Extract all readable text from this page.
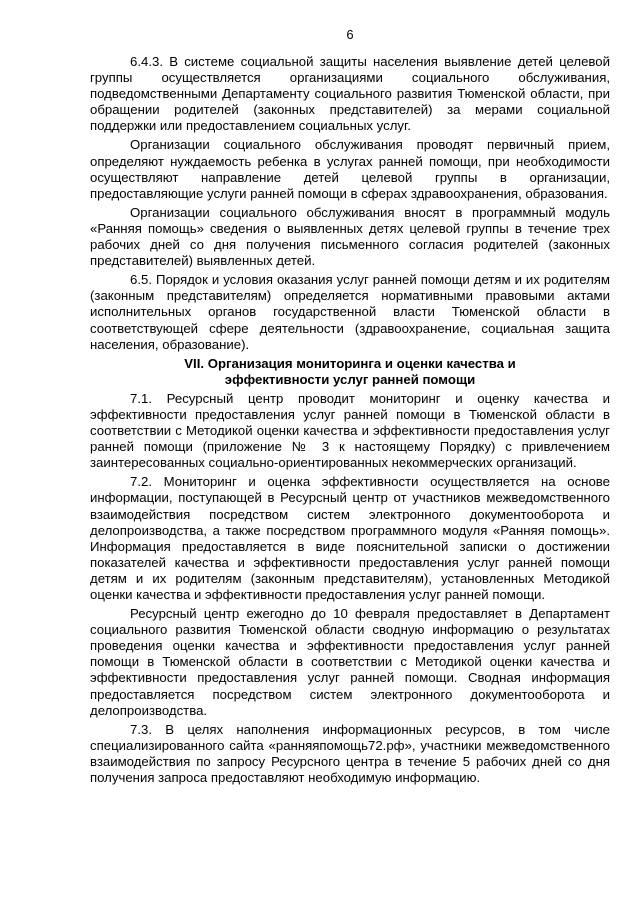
6

6.4.3. В системе социальной защиты населения выявление детей целевой группы осуществляется организациями социального обслуживания, подведомственными Департаменту социального развития Тюменской области, при обращении родителей (законных представителей) за мерами социальной поддержки или предоставлением социальных услуг.

Организации социального обслуживания проводят первичный прием, определяют нуждаемость ребенка в услугах ранней помощи, при необходимости осуществляют направление детей целевой группы в организации, предоставляющие услуги ранней помощи в сферах здравоохранения, образования.

Организации социального обслуживания вносят в программный модуль «Ранняя помощь» сведения о выявленных детях целевой группы в течение трех рабочих дней со дня получения письменного согласия родителей (законных представителей) выявленных детей.

6.5. Порядок и условия оказания услуг ранней помощи детям и их родителям (законным представителям) определяется нормативными правовыми актами исполнительных органов государственной власти Тюменской области в соответствующей сфере деятельности (здравоохранение, социальная защита населения, образование).

VII. Организация мониторинга и оценки качества и
эффективности услуг ранней помощи

7.1. Ресурсный центр проводит мониторинг и оценку качества и эффективности предоставления услуг ранней помощи в Тюменской области в соответствии с Методикой оценки качества и эффективности предоставления услуг ранней помощи (приложение № 3 к настоящему Порядку) с привлечением заинтересованных социально-ориентированных некоммерческих организаций.

7.2. Мониторинг и оценка эффективности осуществляется на основе информации, поступающей в Ресурсный центр от участников межведомственного взаимодействия посредством систем электронного документооборота и делопроизводства, а также посредством программного модуля «Ранняя помощь». Информация предоставляется в виде пояснительной записки о достижении показателей качества и эффективности предоставления услуг ранней помощи детям и их родителям (законным представителям), установленных Методикой оценки качества и эффективности предоставления услуг ранней помощи.

Ресурсный центр ежегодно до 10 февраля предоставляет в Департамент социального развития Тюменской области сводную информацию о результатах проведения оценки качества и эффективности предоставления услуг ранней помощи в Тюменской области в соответствии с Методикой оценки качества и эффективности предоставления услуг ранней помощи. Сводная информация предоставляется посредством систем электронного документооборота и делопроизводства.

7.3. В целях наполнения информационных ресурсов, в том числе специализированного сайта «ранняяпомощь72.рф», участники межведомственного взаимодействия по запросу Ресурсного центра в течение 5 рабочих дней со дня получения запроса предоставляют необходимую информацию.
